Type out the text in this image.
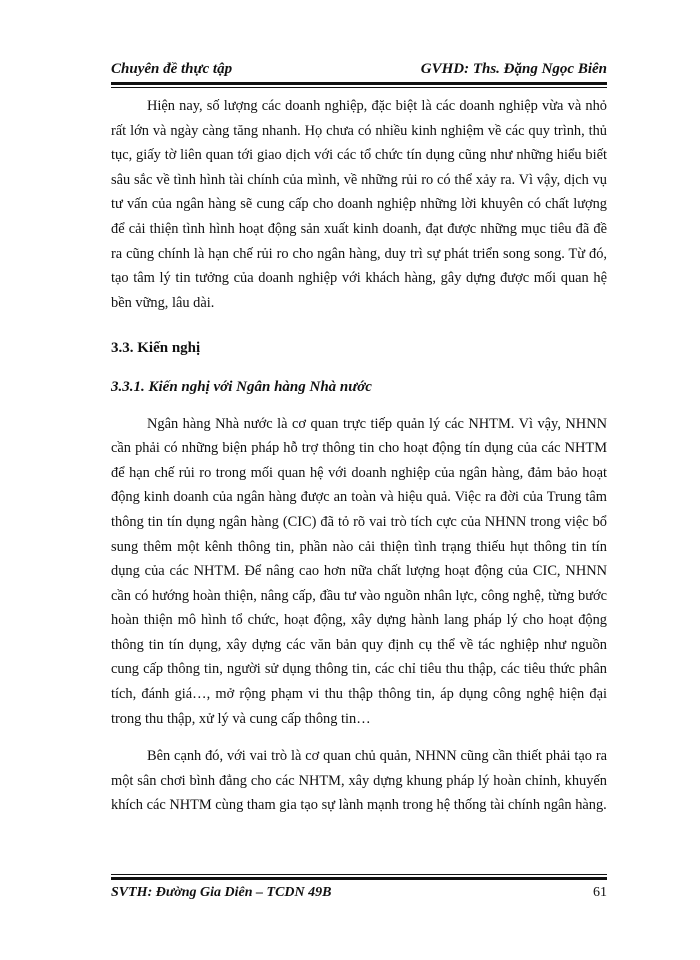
Chuyên đề thực tập	GVHD: Ths. Đặng Ngọc Biên

Hiện nay, số lượng các doanh nghiệp, đặc biệt là các doanh nghiệp vừa và nhỏ rất lớn và ngày càng tăng nhanh. Họ chưa có nhiều kinh nghiệm về các quy trình, thủ tục, giấy tờ liên quan tới giao dịch với các tổ chức tín dụng cũng như những hiểu biết sâu sắc về tình hình tài chính của mình, về những rủi ro có thể xảy ra. Vì vậy, dịch vụ tư vấn của ngân hàng sẽ cung cấp cho doanh nghiệp những lời khuyên có chất lượng để cải thiện tình hình hoạt động sản xuất kinh doanh, đạt được những mục tiêu đã đề ra cũng chính là hạn chế rủi ro cho ngân hàng, duy trì sự phát triển song song. Từ đó, tạo tâm lý tin tưởng của doanh nghiệp với khách hàng, gây dựng được mối quan hệ bền vững, lâu dài.

3.3. Kiến nghị

3.3.1. Kiến nghị với Ngân hàng Nhà nước

Ngân hàng Nhà nước là cơ quan trực tiếp quản lý các NHTM. Vì vậy, NHNN cần phải có những biện pháp hỗ trợ thông tin cho hoạt động tín dụng của các NHTM để hạn chế rủi ro trong mối quan hệ với doanh nghiệp của ngân hàng, đảm bảo hoạt động kinh doanh của ngân hàng được an toàn và hiệu quả. Việc ra đời của Trung tâm thông tin tín dụng ngân hàng (CIC) đã tỏ rõ vai trò tích cực của NHNN trong việc bổ sung thêm một kênh thông tin, phần nào cải thiện tình trạng thiếu hụt thông tin tín dụng của các NHTM. Để nâng cao hơn nữa chất lượng hoạt động của CIC, NHNN cần có hướng hoàn thiện, nâng cấp, đầu tư vào nguồn nhân lực, công nghệ, từng bước hoàn thiện mô hình tổ chức, hoạt động, xây dựng hành lang pháp lý cho hoạt động thông tin tín dụng, xây dựng các văn bản quy định cụ thể về tác nghiệp như nguồn cung cấp thông tin, người sử dụng thông tin, các chỉ tiêu thu thập, các tiêu thức phân tích, đánh giá…, mở rộng phạm vi thu thập thông tin, áp dụng công nghệ hiện đại trong thu thập, xử lý và cung cấp thông tin…

Bên cạnh đó, với vai trò là cơ quan chủ quản, NHNN cũng cần thiết phải tạo ra một sân chơi bình đẳng cho các NHTM, xây dựng khung pháp lý hoàn chỉnh, khuyến khích các NHTM cùng tham gia tạo sự lành mạnh trong hệ thống tài chính ngân hàng.

SVTH: Đường Gia Diên – TCDN 49B	61
